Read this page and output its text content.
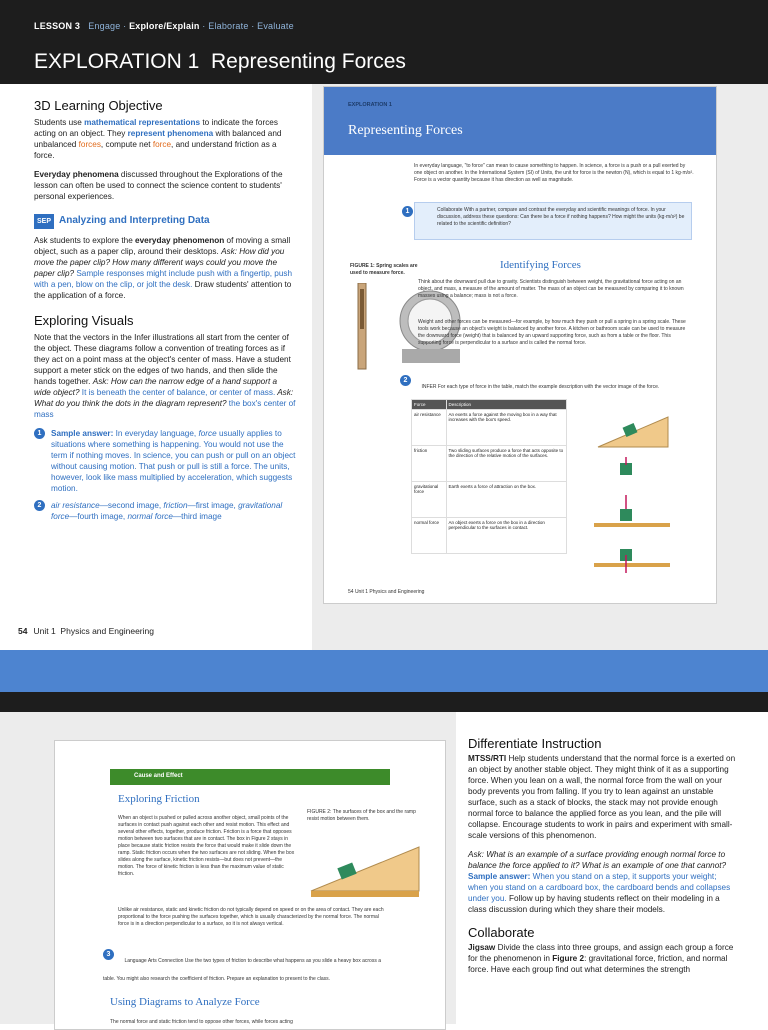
LESSON 3 Engage · Explore/Explain · Elaborate · Evaluate
EXPLORATION 1 Representing Forces
3D Learning Objective
Students use mathematical representations to indicate the forces acting on an object. They represent phenomena with balanced and unbalanced forces, compute net force, and understand friction as a force.
Everyday phenomena discussed throughout the Explorations of the lesson can often be used to connect the science content to students' personal experiences.
SEP Analyzing and Interpreting Data
Ask students to explore the everyday phenomenon of moving a small object, such as a paper clip, around their desktops. Ask: How did you move the paper clip? How many different ways could you move the paper clip? Sample responses might include push with a fingertip, push with a pen, blow on the clip, or jolt the desk. Draw students' attention to the application of a force.
Exploring Visuals
Note that the vectors in the Infer illustrations all start from the center of the object. These diagrams follow a convention of treating forces as if they act on a point mass at the object's center of mass. Have a student support a meter stick on the edges of two hands, and then slide the hands together. Ask: How can the narrow edge of a hand support a wide object? It is beneath the center of balance, or center of mass. Ask: What do you think the dots in the diagram represent? the box's center of mass
1	Sample answer: In everyday language, force usually applies to situations where something is happening. You would not use the term if nothing moves. In science, you can push or pull on an object without causing motion. That push or pull is still a force. The units, however, look like mass multiplied by acceleration, which suggests motion.
2	air resistance—second image, friction—first image, gravitational force—fourth image, normal force—third image
54 Unit 1 Physics and Engineering
EXPLORATION 1
Representing Forces
In everyday language, "to force" can mean to cause something to happen. In science, a force is a push or a pull exerted by one object on another. In the International System (SI) of Units, the unit for force is the newton (N), which is equal to 1 kg·m/s². Force is a vector quantity because it has direction as well as magnitude.
1	Collaborate With a partner, compare and contrast the everyday and scientific meanings of force. In your discussion, address these questions: Can there be a force if nothing happens? How might the units (kg·m/s²) be related to the scientific definition?
FIGURE 1: Spring scales are used to measure force.
Identifying Forces
Think about the downward pull due to gravity. Scientists distinguish between weight, the gravitational force acting on an object, and mass, a measure of the amount of matter. The mass of an object can be measured by comparing it to known masses using a balance; mass is not a force.
Weight and other forces can be measured—for example, by how much they push or pull a spring in a spring scale. These tools work because an object's weight is balanced by another force. A kitchen or bathroom scale can be used to measure the downward force (weight) that is balanced by an upward supporting force, such as from a table or the floor. This supporting force is perpendicular to a surface and is called the normal force.
2 INFER For each type of force in the table, match the example description with the vector image of the force.
Force	Description
air resistance	An exerts a force against the moving box in a way that increases with the box's speed.
friction	Two sliding surfaces produce a force that acts opposite to the direction of the relative motion of the surfaces.
gravitational force	Earth exerts a force of attraction on the box.
normal force	An object exerts a force on the box in a direction perpendicular to the surfaces in contact.
54 Unit 1 Physics and Engineering
Cause and Effect
Exploring Friction
When an object is pushed or pulled across another object, small points of the surfaces in contact push against each other and resist motion. This effect and several other effects, together, produce friction. Friction is a force that opposes motion between two surfaces that are in contact. The box in Figure 2 stays in place because static friction resists the force that would make it slide down the ramp. Static friction occurs when the two surfaces are not sliding. When the box slides along the surface, kinetic friction resists—but does not prevent—the motion. The force of kinetic friction is less than the maximum value of static friction.
Unlike air resistance, static and kinetic friction do not typically depend on speed or on the area of contact. They are each proportional to the force pushing the surfaces together, which is usually characterized by the normal force. The normal force is in a direction perpendicular to a surface, so it is not always vertical.
FIGURE 2: The surfaces of the box and the ramp resist motion between them.
3 Language Arts Connection Use the two types of friction to describe what happens as you slide a heavy box across a table. You might also research the coefficient of friction. Prepare an explanation to present to the class.
Using Diagrams to Analyze Force
The normal force and static friction tend to oppose other forces, while forces acting
Differentiate Instruction
MTSS/RTI Help students understand that the normal force is a exerted on an object by another stable object. They might think of it as a supporting force. When you lean on a wall, the normal force from the wall on your body prevents you from falling. If you try to lean against an unstable surface, such as a stack of blocks, the stack may not provide enough normal force to balance the applied force as you lean, and the pile will collapse. Encourage students to work in pairs and experiment with small-scale versions of this phenomenon.
Ask: What is an example of a surface providing enough normal force to balance the force applied to it? What is an example of one that cannot? Sample answer: When you stand on a step, it supports your weight; when you stand on a cardboard box, the cardboard bends and collapses under you. Follow up by having students reflect on their modeling in a class discussion during which they share their models.
Collaborate
Jigsaw Divide the class into three groups, and assign each group a force for the phenomenon in Figure 2: gravitational force, friction, and normal force. Have each group find out what determines the strength
